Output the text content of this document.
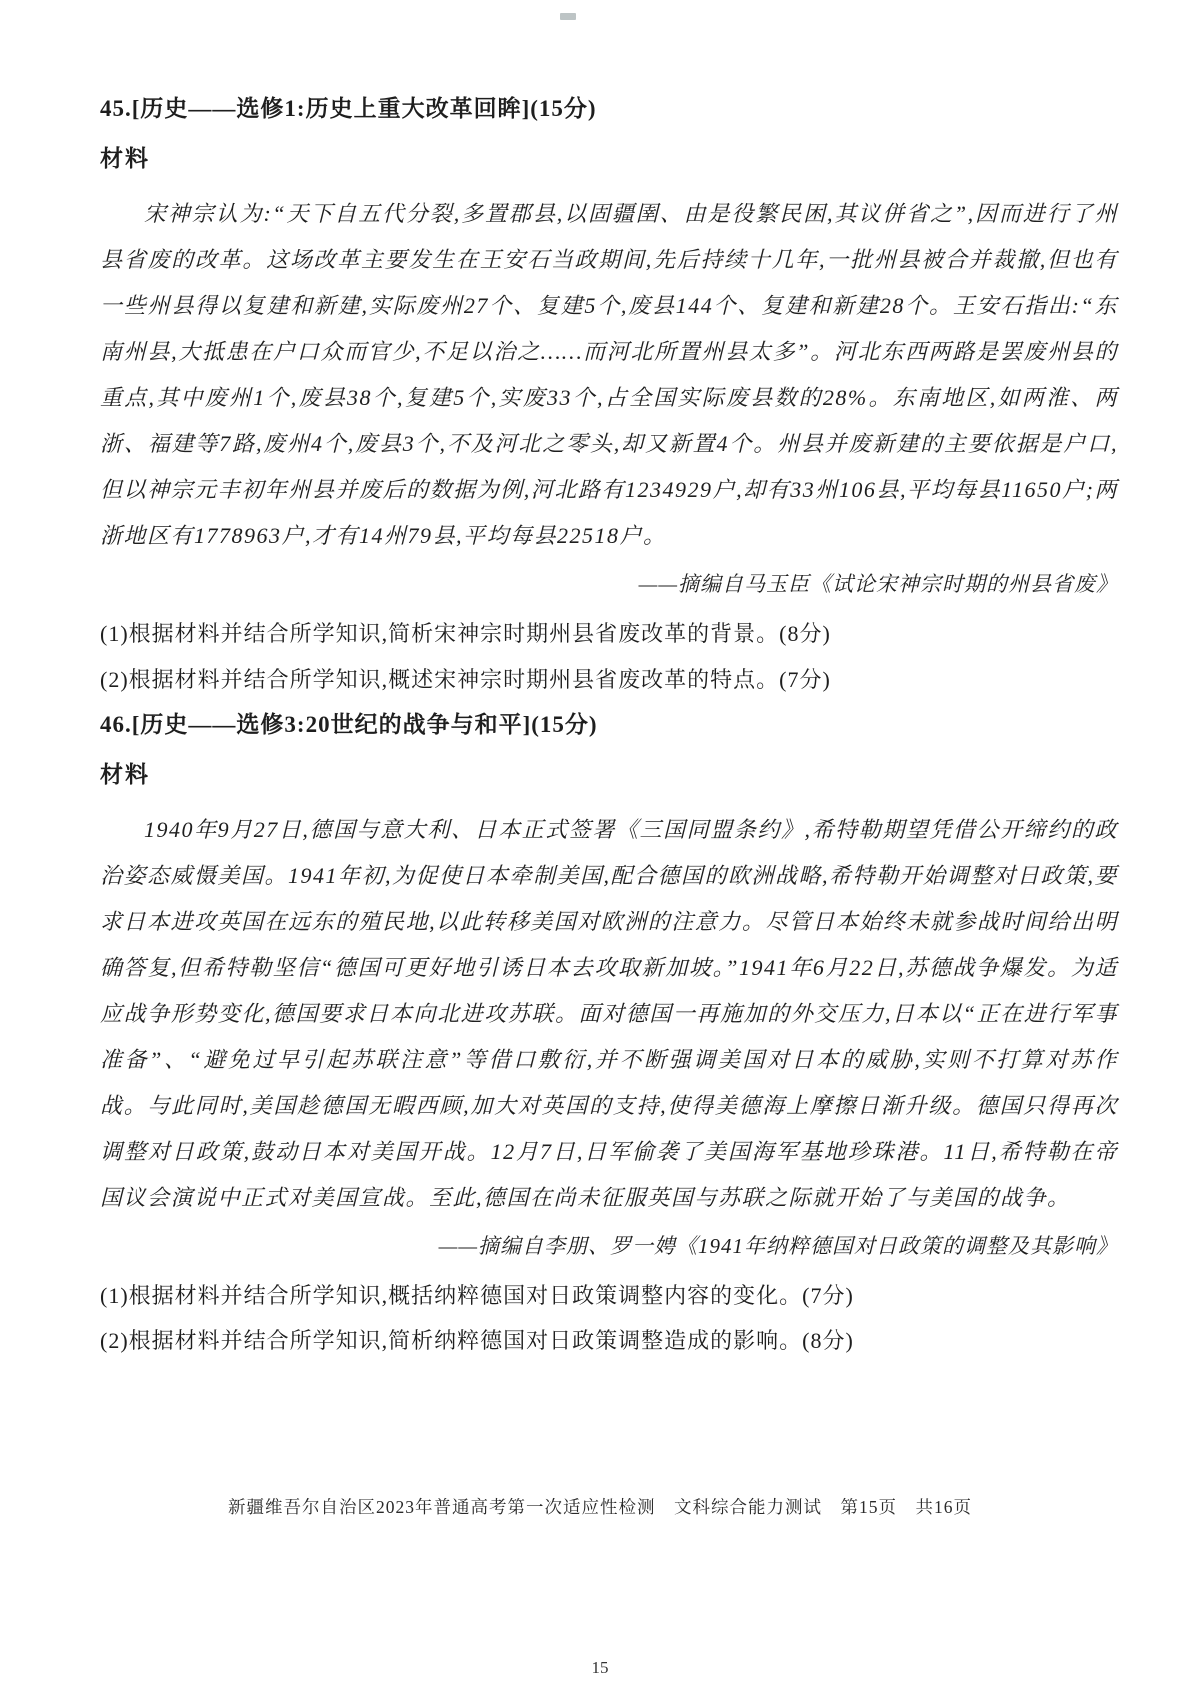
45.[历史——选修1:历史上重大改革回眸](15分)
材料

宋神宗认为:“天下自五代分裂,多置郡县,以固疆圉、由是役繁民困,其议併省之”,因而进行了州县省废的改革。这场改革主要发生在王安石当政期间,先后持续十几年,一批州县被合并裁撤,但也有一些州县得以复建和新建,实际废州27个、复建5个,废县144个、复建和新建28个。王安石指出:“东南州县,大抵患在户口众而官少,不足以治之……而河北所置州县太多”。河北东西两路是罢废州县的重点,其中废州1个,废县38个,复建5个,实废33个,占全国实际废县数的28%。东南地区,如两淮、两浙、福建等7路,废州4个,废县3个,不及河北之零头,却又新置4个。州县并废新建的主要依据是户口,但以神宗元丰初年州县并废后的数据为例,河北路有1234929户,却有33州106县,平均每县11650户;两浙地区有1778963户,才有14州79县,平均每县22518户。

——摘编自马玉臣《试论宋神宗时期的州县省废》

(1)根据材料并结合所学知识,简析宋神宗时期州县省废改革的背景。(8分)

(2)根据材料并结合所学知识,概述宋神宗时期州县省废改革的特点。(7分)

46.[历史——选修3:20世纪的战争与和平](15分)
材料

1940年9月27日,德国与意大利、日本正式签署《三国同盟条约》,希特勒期望凭借公开缔约的政治姿态威慑美国。1941年初,为促使日本牵制美国,配合德国的欧洲战略,希特勒开始调整对日政策,要求日本进攻英国在远东的殖民地,以此转移美国对欧洲的注意力。尽管日本始终未就参战时间给出明确答复,但希特勒坚信“德国可更好地引诱日本去攻取新加坡。”1941年6月22日,苏德战争爆发。为适应战争形势变化,德国要求日本向北进攻苏联。面对德国一再施加的外交压力,日本以“正在进行军事准备”、“避免过早引起苏联注意”等借口敷衍,并不断强调美国对日本的威胁,实则不打算对苏作战。与此同时,美国趁德国无暇西顾,加大对英国的支持,使得美德海上摩擦日渐升级。德国只得再次调整对日政策,鼓动日本对美国开战。12月7日,日军偷袭了美国海军基地珍珠港。11日,希特勒在帝国议会演说中正式对美国宣战。至此,德国在尚未征服英国与苏联之际就开始了与美国的战争。

——摘编自李朋、罗一娉《1941年纳粹德国对日政策的调整及其影响》

(1)根据材料并结合所学知识,概括纳粹德国对日政策调整内容的变化。(7分)

(2)根据材料并结合所学知识,简析纳粹德国对日政策调整造成的影响。(8分)

新疆维吾尔自治区2023年普通高考第一次适应性检测　文科综合能力测试　第15页　共16页
15
